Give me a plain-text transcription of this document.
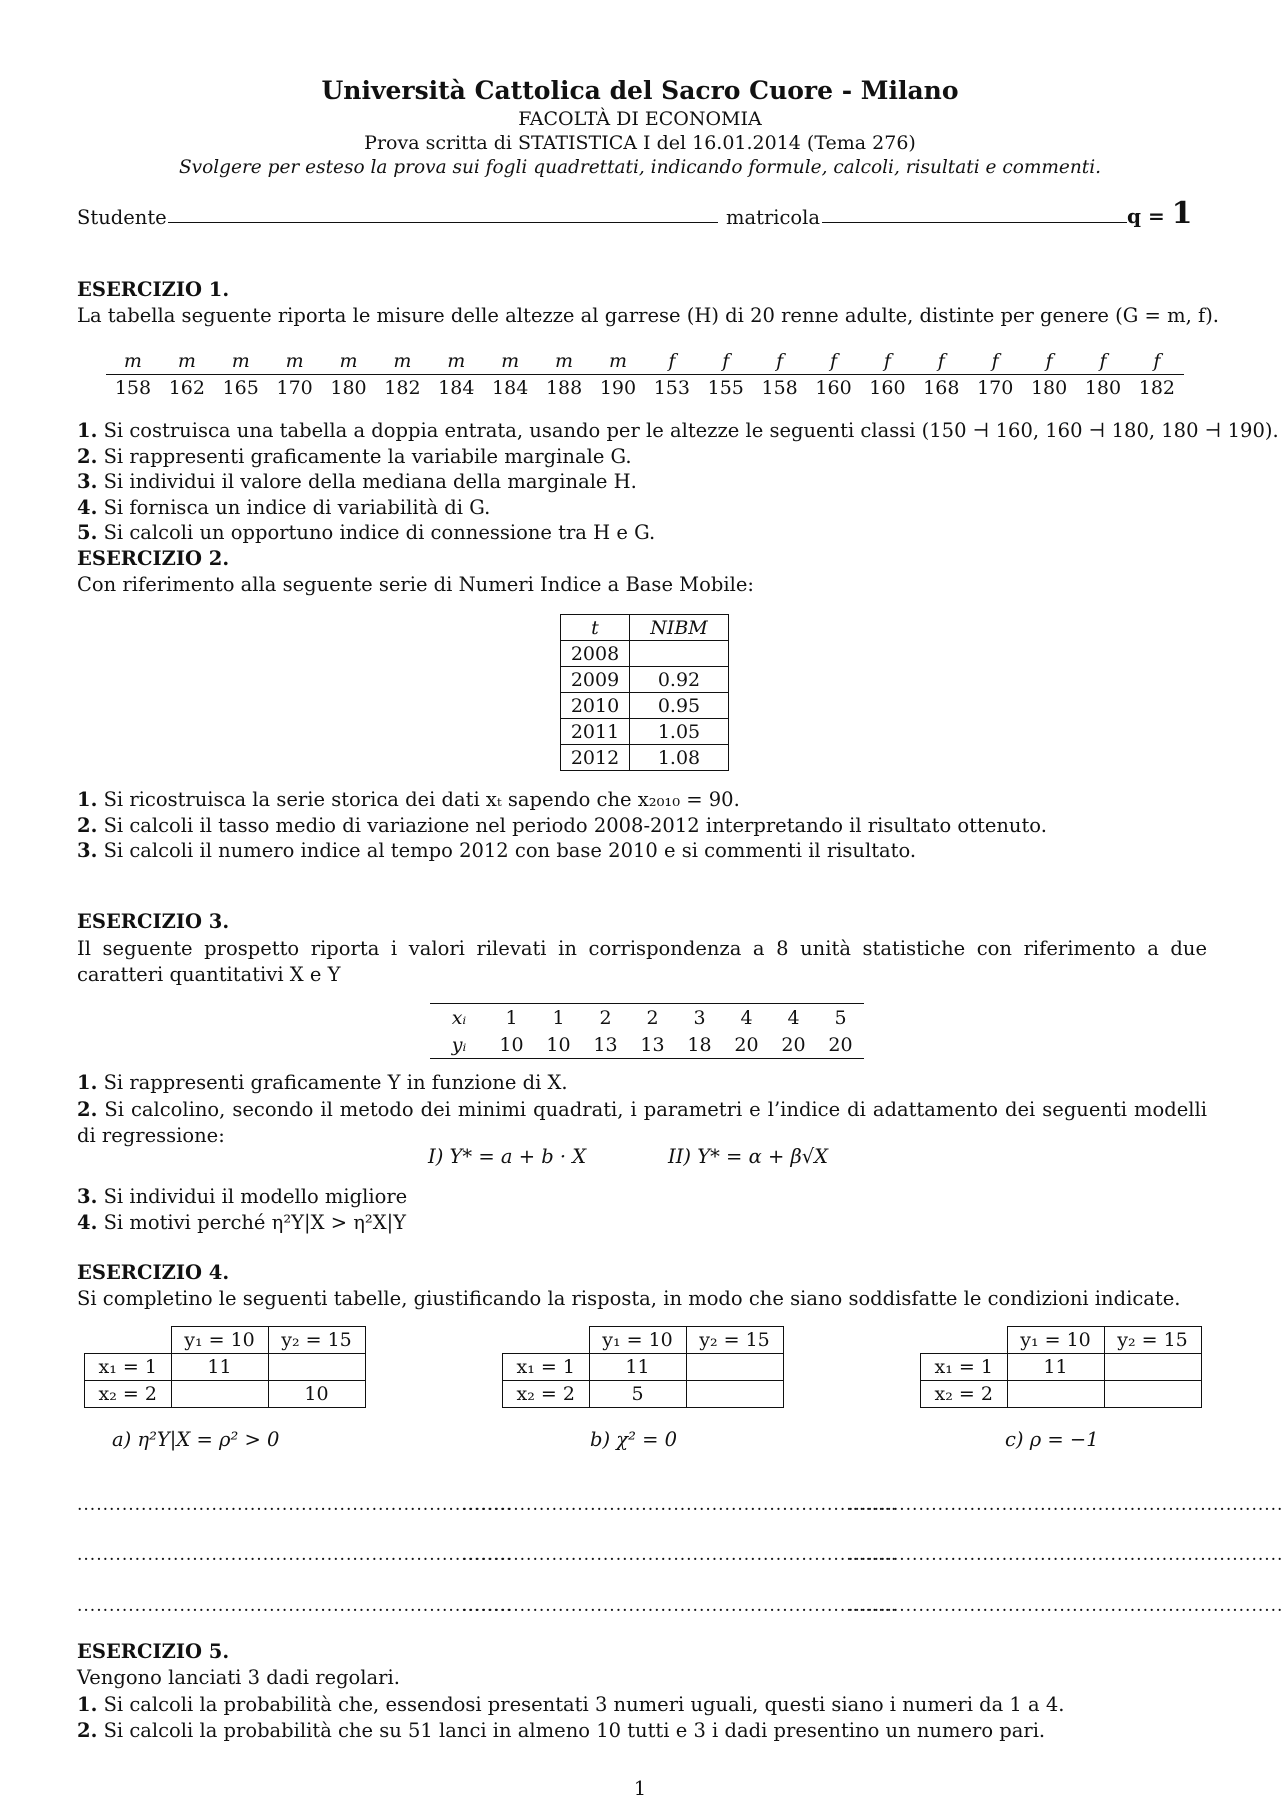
Università Cattolica del Sacro Cuore - Milano
FACOLTÀ DI ECONOMIA
Prova scritta di STATISTICA I del 16.01.2014 (Tema 276)
Svolgere per esteso la prova sui fogli quadrettati, indicando formule, calcoli, risultati e commenti.
Studente	matricola	q = 1
ESERCIZIO 1.
La tabella seguente riporta le misure delle altezze al garrese (H) di 20 renne adulte, distinte per genere (G = m, f).
m	m	m	m	m	m	m	m	m	m	f	f	f	f	f	f	f	f	f	f
158	162	165	170	180	182	184	184	188	190	153	155	158	160	160	168	170	180	180	182

1. Si costruisca una tabella a doppia entrata, usando per le altezze le seguenti classi (150 ⊣ 160, 160 ⊣ 180, 180 ⊣ 190).

2. Si rappresenti graficamente la variabile marginale G.

3. Si individui il valore della mediana della marginale H.

4. Si fornisca un indice di variabilità di G.

5. Si calcoli un opportuno indice di connessione tra H e G.

ESERCIZIO 2.
Con riferimento alla seguente serie di Numeri Indice a Base Mobile:
t	NIBM
2008	
2009	0.92
2010	0.95
2011	1.05
2012	1.08

1. Si ricostruisca la serie storica dei dati xₜ sapendo che x₂₀₁₀ = 90.

2. Si calcoli il tasso medio di variazione nel periodo 2008-2012 interpretando il risultato ottenuto.

3. Si calcoli il numero indice al tempo 2012 con base 2010 e si commenti il risultato.

ESERCIZIO 3.
Il seguente prospetto riporta i valori rilevati in corrispondenza a 8 unità statistiche con riferimento a due caratteri quantitativi X e Y
xᵢ	1	1	2	2	3	4	4	5
yᵢ	10	10	13	13	18	20	20	20
1. Si rappresenti graficamente Y in funzione di X.
2. Si calcolino, secondo il metodo dei minimi quadrati, i parametri e l’indice di adattamento dei seguenti modelli di regressione:
I) Y* = a + b · X	II) Y* = α + β√X
3. Si individui il modello migliore
4. Si motivi perché η²Y|X > η²X|Y
ESERCIZIO 4.
Si completino le seguenti tabelle, giustificando la risposta, in modo che siano soddisfatte le condizioni indicate.
	y₁ = 10	y₂ = 15
x₁ = 1	11	
x₂ = 2		10
a) η²Y|X = ρ² > 0
	y₁ = 10	y₂ = 15
x₁ = 1	11	
x₂ = 2	5	
b) χ² = 0
	y₁ = 10	y₂ = 15
x₁ = 1	11	
x₂ = 2		
c) ρ = −1
....................................................................
....................................................................
....................................................................
....................................................................
....................................................................
....................................................................
....................................................................
....................................................................
....................................................................
ESERCIZIO 5.
Vengono lanciati 3 dadi regolari.

1. Si calcoli la probabilità che, essendosi presentati 3 numeri uguali, questi siano i numeri da 1 a 4.

2. Si calcoli la probabilità che su 51 lanci in almeno 10 tutti e 3 i dadi presentino un numero pari.

1
